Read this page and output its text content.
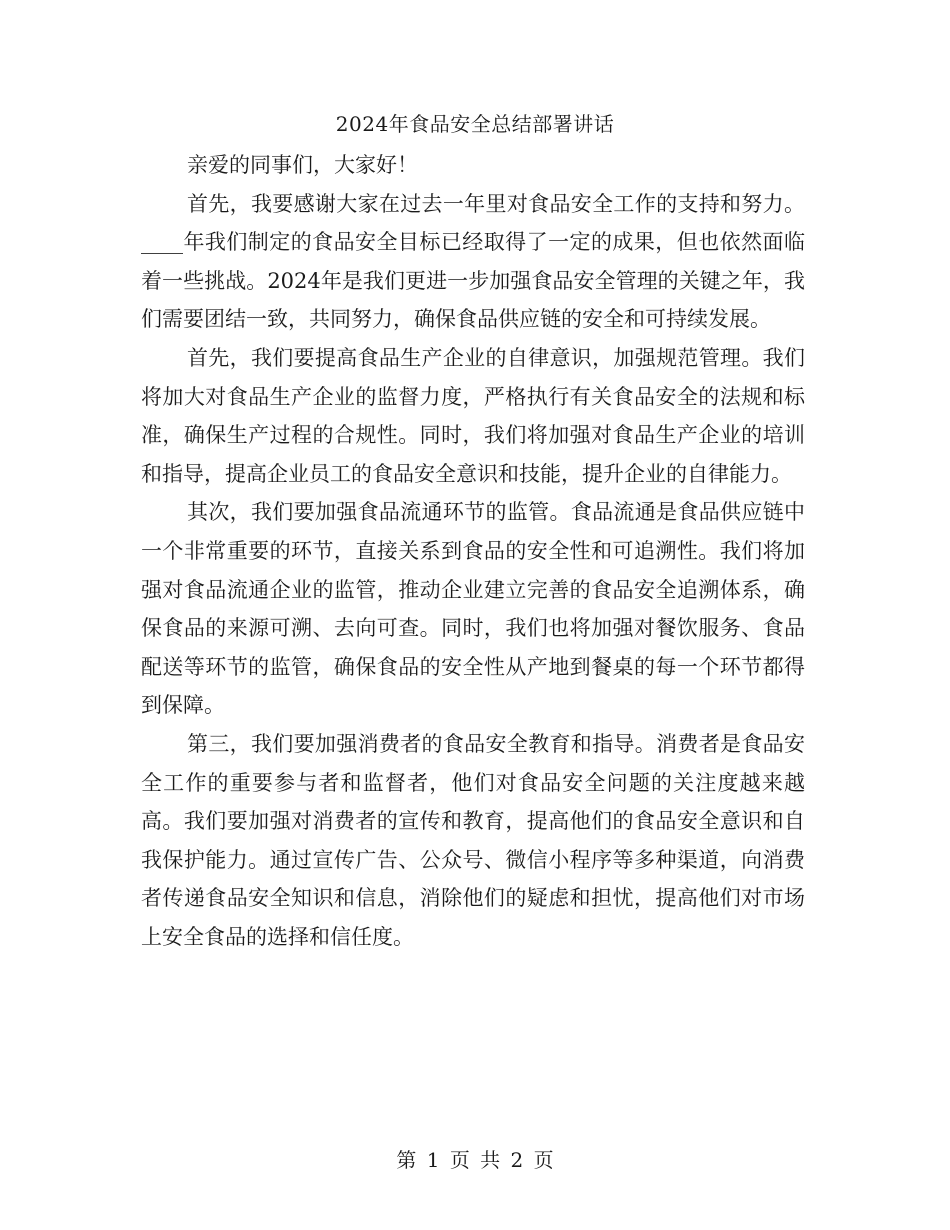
2024年食品安全总结部署讲话

亲爱的同事们，大家好！

首先，我要感谢大家在过去一年里对食品安全工作的支持和努力。____年我们制定的食品安全目标已经取得了一定的成果，但也依然面临着一些挑战。2024年是我们更进一步加强食品安全管理的关键之年，我们需要团结一致，共同努力，确保食品供应链的安全和可持续发展。

首先，我们要提高食品生产企业的自律意识，加强规范管理。我们将加大对食品生产企业的监督力度，严格执行有关食品安全的法规和标准，确保生产过程的合规性。同时，我们将加强对食品生产企业的培训和指导，提高企业员工的食品安全意识和技能，提升企业的自律能力。

其次，我们要加强食品流通环节的监管。食品流通是食品供应链中一个非常重要的环节，直接关系到食品的安全性和可追溯性。我们将加强对食品流通企业的监管，推动企业建立完善的食品安全追溯体系，确保食品的来源可溯、去向可查。同时，我们也将加强对餐饮服务、食品配送等环节的监管，确保食品的安全性从产地到餐桌的每一个环节都得到保障。

第三，我们要加强消费者的食品安全教育和指导。消费者是食品安全工作的重要参与者和监督者，他们对食品安全问题的关注度越来越高。我们要加强对消费者的宣传和教育，提高他们的食品安全意识和自我保护能力。通过宣传广告、公众号、微信小程序等多种渠道，向消费者传递食品安全知识和信息，消除他们的疑虑和担忧，提高他们对市场上安全食品的选择和信任度。

第 1 页 共 2 页
